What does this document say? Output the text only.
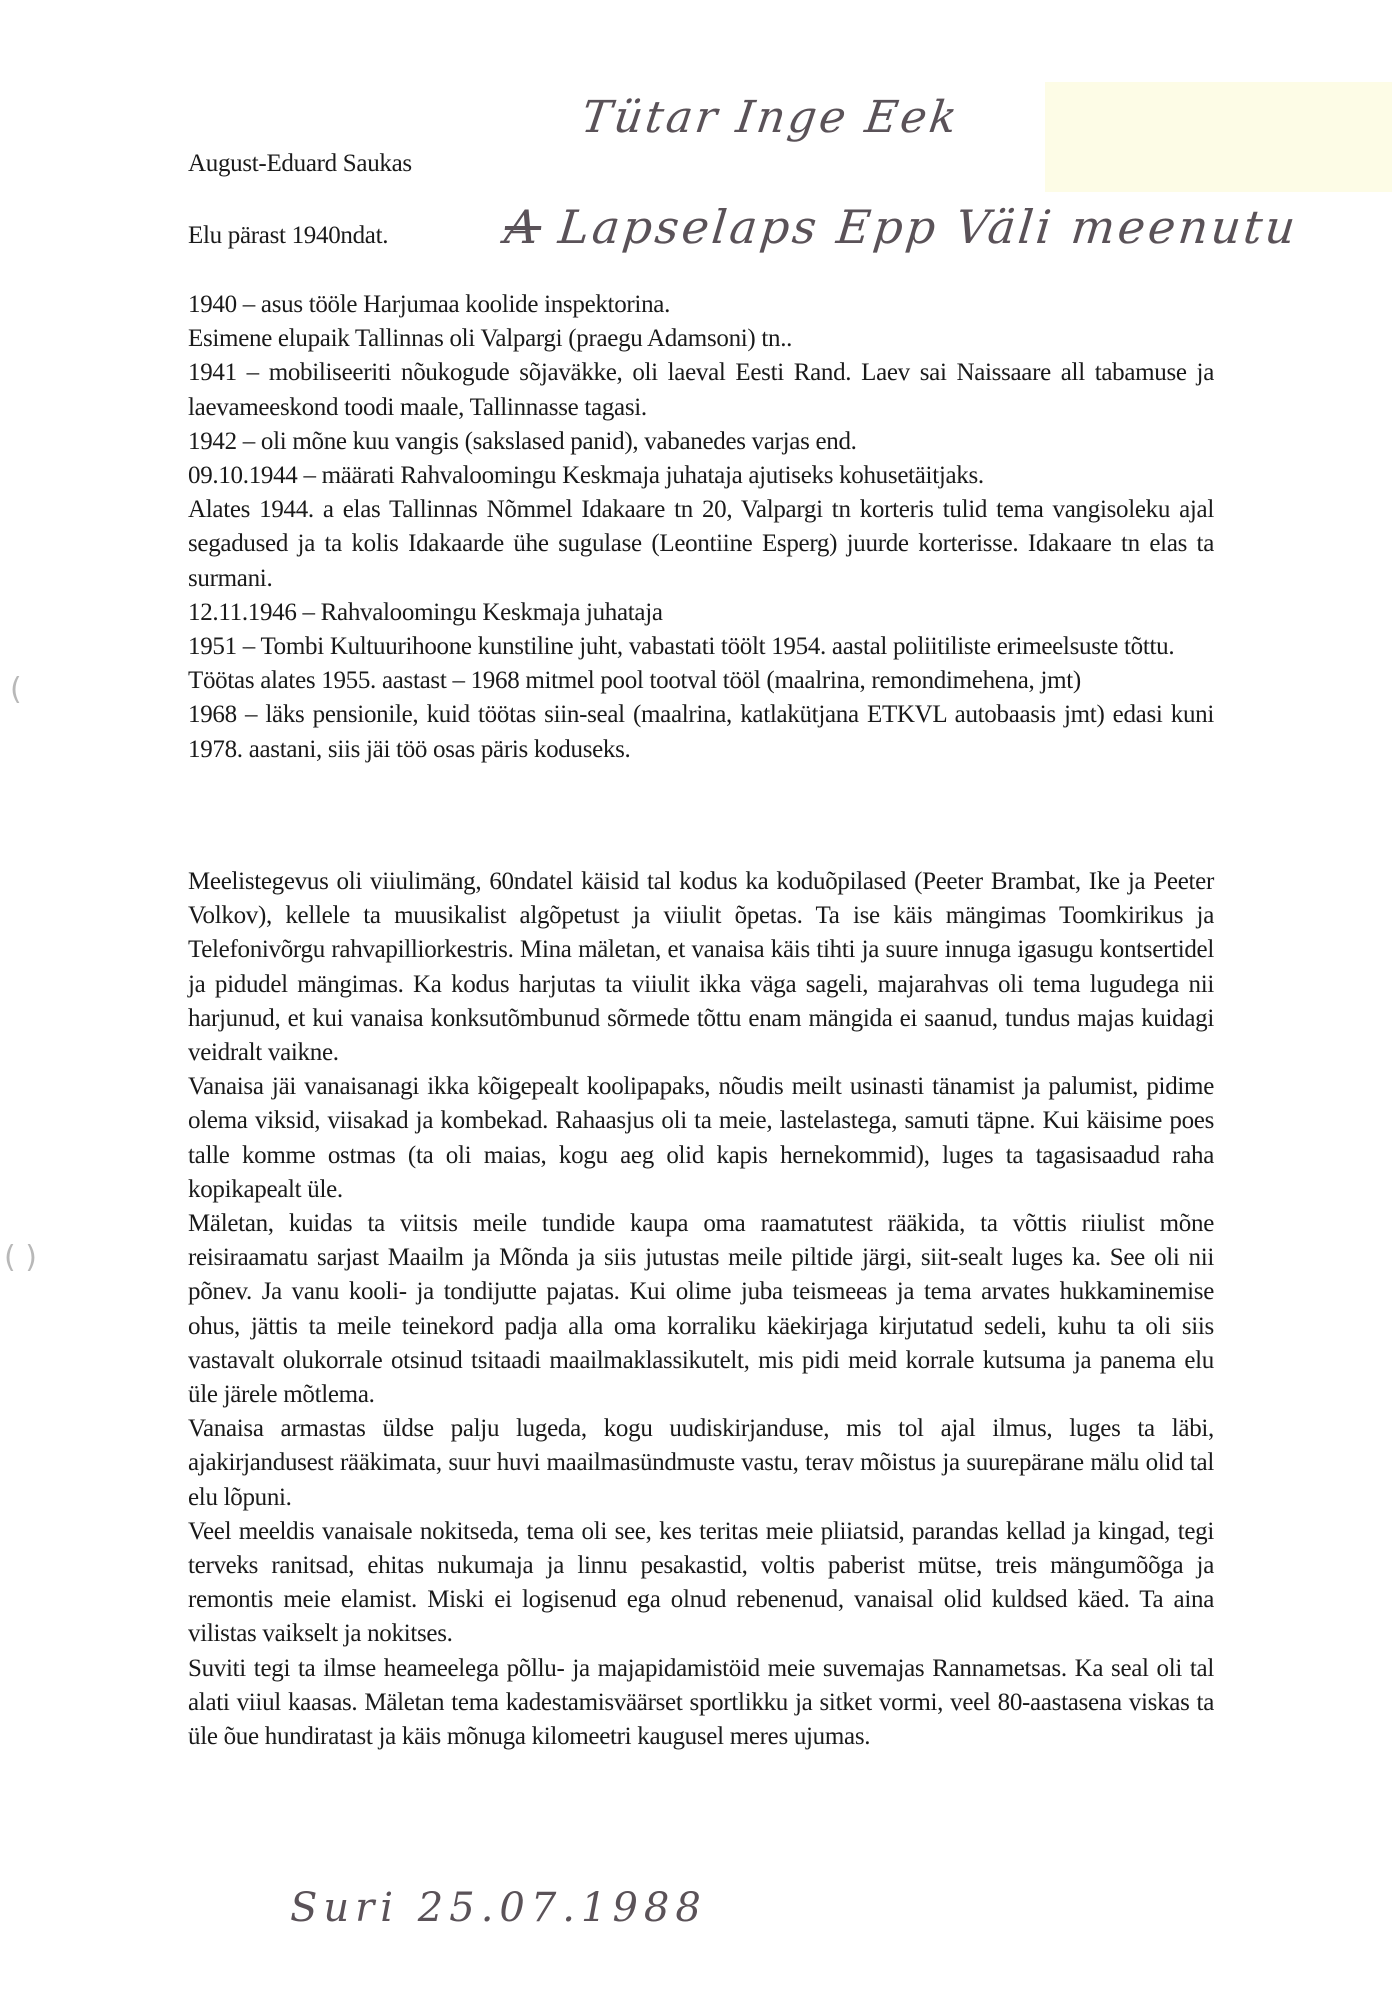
Tütar Inge Eek
A Lapselaps Epp Väli meenutu
(
( )
August-Eduard Saukas
Elu pärast 1940ndat.

1940 – asus tööle Harjumaa koolide inspektorina.

Esimene elupaik Tallinnas oli Valpargi (praegu Adamsoni) tn..

1941 – mobiliseeriti nõukogude sõjaväkke, oli laeval Eesti Rand. Laev sai Naissaare all tabamuse ja laevameeskond toodi maale, Tallinnasse tagasi.

1942 – oli mõne kuu vangis (sakslased panid), vabanedes varjas end.

09.10.1944 – määrati Rahvaloomingu Keskmaja juhataja ajutiseks kohusetäitjaks.

Alates 1944. a elas Tallinnas Nõmmel Idakaare tn 20, Valpargi tn korteris tulid tema vangisoleku ajal segadused ja ta kolis Idakaarde ühe sugulase (Leontiine Esperg) juurde korterisse. Idakaare tn elas ta surmani.

12.11.1946 – Rahvaloomingu Keskmaja juhataja

1951 – Tombi Kultuurihoone kunstiline juht, vabastati töölt 1954. aastal poliitiliste erimeelsuste tõttu.

Töötas alates 1955. aastast – 1968 mitmel pool tootval tööl (maalrina, remondimehena, jmt)

1968 – läks pensionile, kuid töötas siin-seal (maalrina, katlakütjana ETKVL autobaasis jmt) edasi kuni 1978. aastani, siis jäi töö osas päris koduseks.

Meelistegevus oli viiulimäng, 60ndatel käisid tal kodus ka koduõpilased (Peeter Brambat, Ike ja Peeter Volkov), kellele ta muusikalist algõpetust ja viiulit õpetas. Ta ise käis mängimas Toomkirikus ja Telefonivõrgu rahvapilliorkestris. Mina mäletan, et vanaisa käis tihti ja suure innuga igasugu kontsertidel ja pidudel mängimas. Ka kodus harjutas ta viiulit ikka väga sageli, majarahvas oli tema lugudega nii harjunud, et kui vanaisa konksutõmbunud sõrmede tõttu enam mängida ei saanud, tundus majas kuidagi veidralt vaikne.

Vanaisa jäi vanaisanagi ikka kõigepealt koolipapaks, nõudis meilt usinasti tänamist ja palumist, pidime olema viksid, viisakad ja kombekad. Rahaasjus oli ta meie, lastelastega, samuti täpne. Kui käisime poes talle komme ostmas (ta oli maias, kogu aeg olid kapis hernekommid), luges ta tagasisaadud raha kopikapealt üle.

Mäletan, kuidas ta viitsis meile tundide kaupa oma raamatutest rääkida, ta võttis riiulist mõne reisiraamatu sarjast Maailm ja Mõnda ja siis jutustas meile piltide järgi, siit-sealt luges ka. See oli nii põnev. Ja vanu kooli- ja tondijutte pajatas. Kui olime juba teismeeas ja tema arvates hukkaminemise ohus, jättis ta meile teinekord padja alla oma korraliku käekirjaga kirjutatud sedeli, kuhu ta oli siis vastavalt olukorrale otsinud tsitaadi maailmaklassikutelt, mis pidi meid korrale kutsuma ja panema elu üle järele mõtlema.

Vanaisa armastas üldse palju lugeda, kogu uudiskirjanduse, mis tol ajal ilmus, luges ta läbi, ajakirjandusest rääkimata, suur huvi maailmasündmuste vastu, terav mõistus ja suurepärane mälu olid tal elu lõpuni.

Veel meeldis vanaisale nokitseda, tema oli see, kes teritas meie pliiatsid, parandas kellad ja kingad, tegi terveks ranitsad, ehitas nukumaja ja linnu pesakastid, voltis paberist mütse, treis mängumõõga ja remontis meie elamist. Miski ei logisenud ega olnud rebenenud, vanaisal olid kuldsed käed. Ta aina vilistas vaikselt ja nokitses.

Suviti tegi ta ilmse heameelega põllu- ja majapidamistöid meie suvemajas Rannametsas. Ka seal oli tal alati viiul kaasas. Mäletan tema kadestamisväärset sportlikku ja sitket vormi, veel 80-aastasena viskas ta üle õue hundiratast ja käis mõnuga kilomeetri kaugusel meres ujumas.

Suri 25.07.1988
